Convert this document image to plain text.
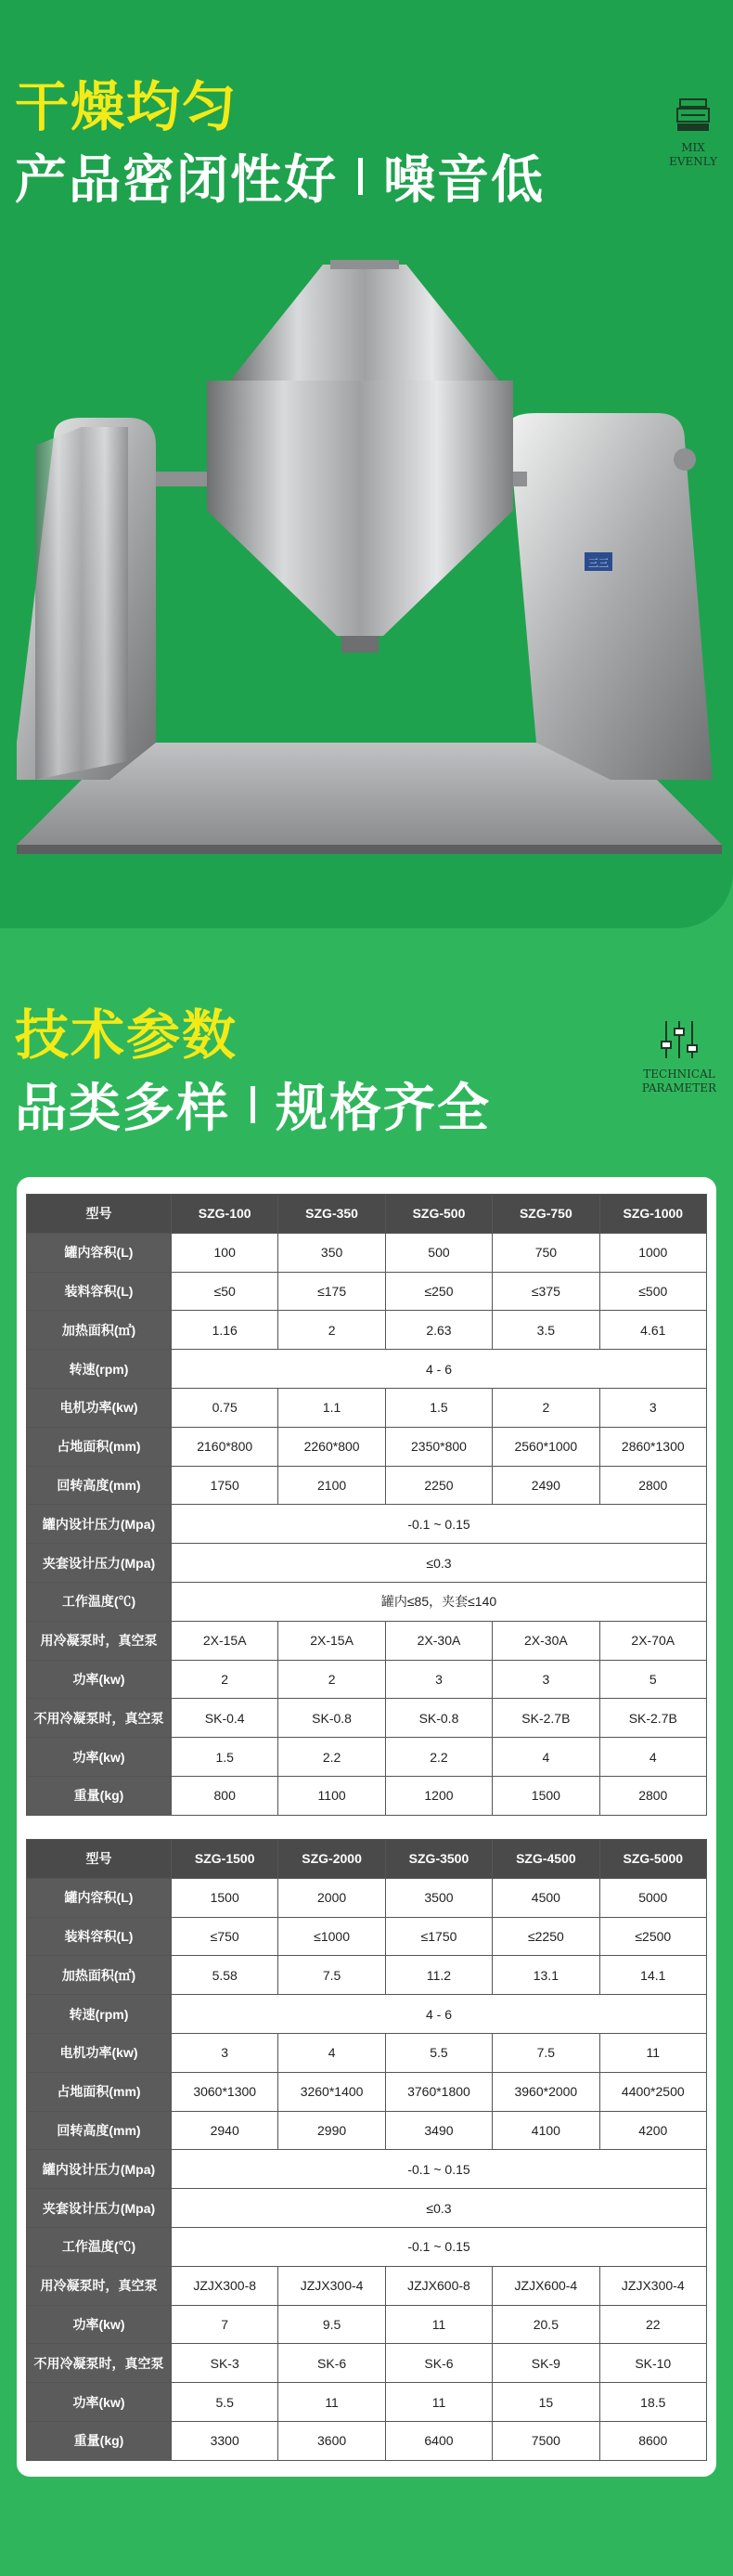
干燥均匀
产品密闭性好 噪音低
MIX
EVENLY
三三
技术参数
品类多样 规格齐全
TECHNICAL
PARAMETER
型号	SZG-100	SZG-350	SZG-500	SZG-750	SZG-1000
罐内容积(L)	100	350	500	750	1000
装料容积(L)	≤50	≤175	≤250	≤375	≤500
加热面积(㎡)	1.16	2	2.63	3.5	4.61
转速(rpm)	4 - 6				
电机功率(kw)	0.75	1.1	1.5	2	3
占地面积(mm)	2160*800	2260*800	2350*800	2560*1000	2860*1300
回转高度(mm)	1750	2100	2250	2490	2800
罐内设计压力(Mpa)	-0.1 ~ 0.15				
夹套设计压力(Mpa)	≤0.3				
工作温度(℃)	罐内≤85，夹套≤140				
用冷凝泵时，真空泵	2X-15A	2X-15A	2X-30A	2X-30A	2X-70A
功率(kw)	2	2	3	3	5
不用冷凝泵时，真空泵	SK-0.4	SK-0.8	SK-0.8	SK-2.7B	SK-2.7B
功率(kw)	1.5	2.2	2.2	4	4
重量(kg)	800	1100	1200	1500	2800
型号	SZG-1500	SZG-2000	SZG-3500	SZG-4500	SZG-5000
罐内容积(L)	1500	2000	3500	4500	5000
装料容积(L)	≤750	≤1000	≤1750	≤2250	≤2500
加热面积(㎡)	5.58	7.5	11.2	13.1	14.1
转速(rpm)	4 - 6				
电机功率(kw)	3	4	5.5	7.5	11
占地面积(mm)	3060*1300	3260*1400	3760*1800	3960*2000	4400*2500
回转高度(mm)	2940	2990	3490	4100	4200
罐内设计压力(Mpa)	-0.1 ~ 0.15				
夹套设计压力(Mpa)	≤0.3				
工作温度(℃)	-0.1 ~ 0.15				
用冷凝泵时，真空泵	JZJX300-8	JZJX300-4	JZJX600-8	JZJX600-4	JZJX300-4
功率(kw)	7	9.5	11	20.5	22
不用冷凝泵时，真空泵	SK-3	SK-6	SK-6	SK-9	SK-10
功率(kw)	5.5	11	11	15	18.5
重量(kg)	3300	3600	6400	7500	8600
